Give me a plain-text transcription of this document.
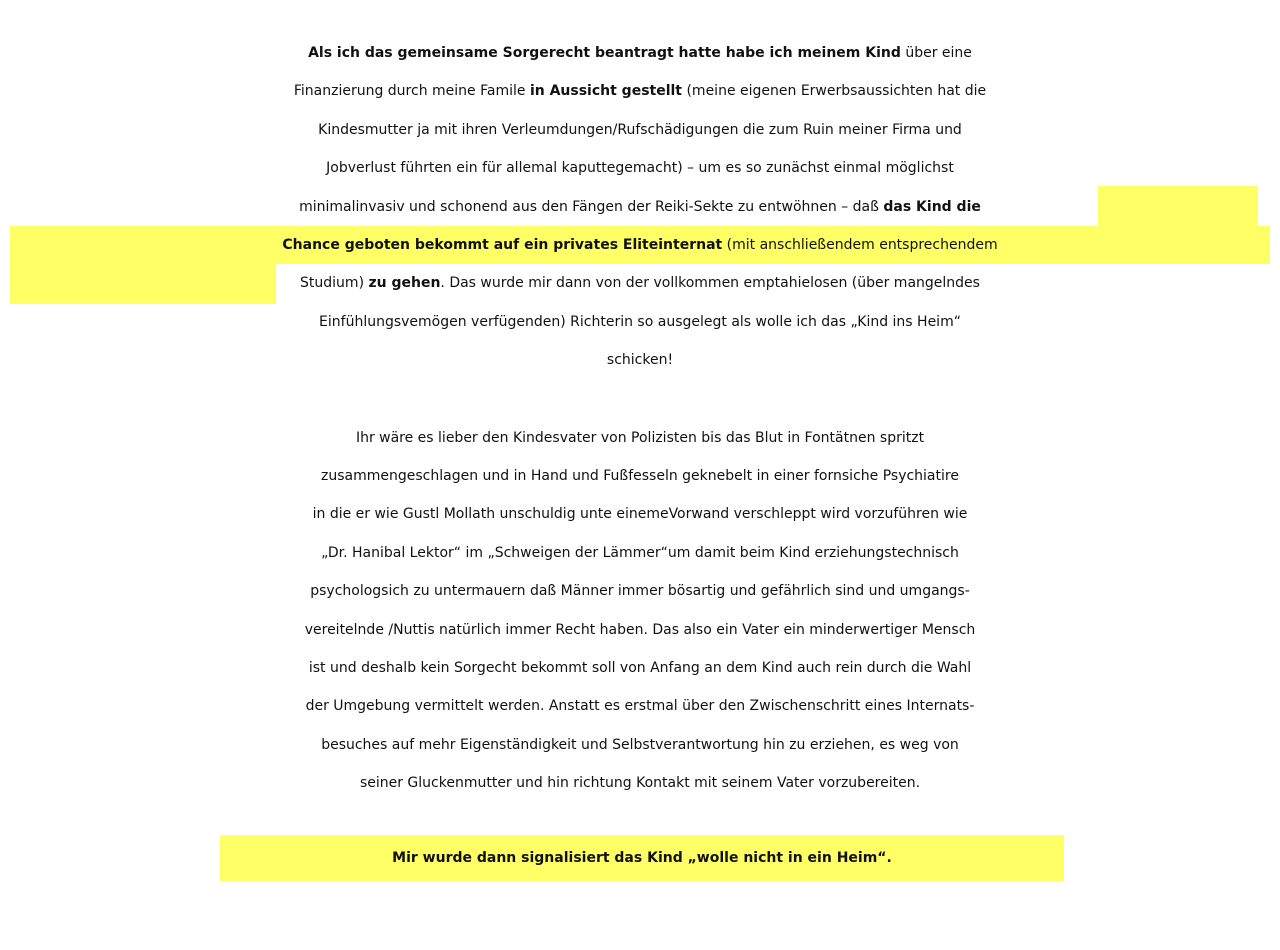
Als ich das gemeinsame Sorgerecht beantragt hatte habe ich meinem Kind über eine
Finanzierung durch meine Famile in Aussicht gestellt (meine eigenen Erwerbsaussichten hat die
Kindesmutter ja mit ihren Verleumdungen/Rufschädigungen die zum Ruin meiner Firma und
Jobverlust führten ein für allemal kaputtegemacht) – um es so zunächst einmal möglichst
minimalinvasiv und schonend aus den Fängen der Reiki-Sekte zu entwöhnen – daß das Kind die
Chance geboten bekommt auf ein privates Eliteinternat (mit anschließendem entsprechendem
Studium) zu gehen. Das wurde mir dann von der vollkommen emptahielosen (über mangelndes
Einfühlungsvemögen verfügenden) Richterin so ausgelegt als wolle ich das „Kind ins Heim“
schicken!
Ihr wäre es lieber den Kindesvater von Polizisten bis das Blut in Fontätnen spritzt
zusammengeschlagen und in Hand und Fußfesseln geknebelt in einer fornsiche Psychiatire
in die er wie Gustl Mollath unschuldig unte einemeVorwand verschleppt wird vorzuführen wie
„Dr. Hanibal Lektor“ im „Schweigen der Lämmer“um damit beim Kind erziehungstechnisch
psychologsich zu untermauern daß Männer immer bösartig und gefährlich sind und umgangs-
vereitelnde /Nuttis natürlich immer Recht haben. Das also ein Vater ein minderwertiger Mensch
ist und deshalb kein Sorgecht bekommt soll von Anfang an dem Kind auch rein durch die Wahl
der Umgebung vermittelt werden. Anstatt es erstmal über den Zwischenschritt eines Internats-
besuches auf mehr Eigenständigkeit und Selbstverantwortung hin zu erziehen, es weg von
seiner Gluckenmutter und hin richtung Kontakt mit seinem Vater vorzubereiten.
Mir wurde dann signalisiert das Kind „wolle nicht in ein Heim“.
